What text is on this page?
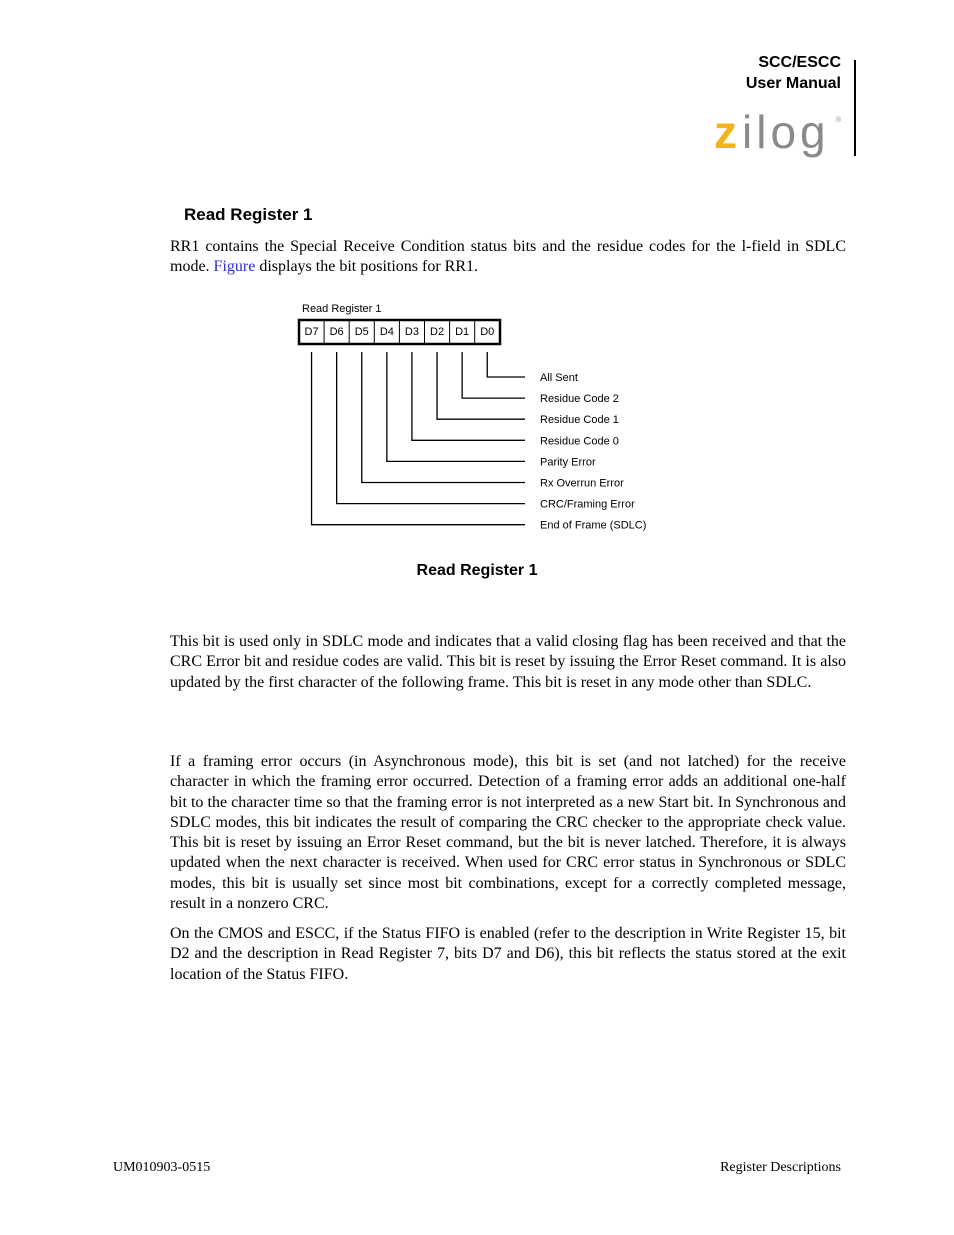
SCC/ESCC
User Manual
z ilog ®
Read Register 1
RR1 contains the Special Receive Condition status bits and the residue codes for the l-field in SDLC mode. Figure displays the bit positions for RR1.
Read Register 1
D7 D6 D5 D4 D3 D2 D1 D0
All Sent
Residue Code 2
Residue Code 1
Residue Code 0
Parity Error
Rx Overrun Error
CRC/Framing Error
End of Frame (SDLC)
Read Register 1
This bit is used only in SDLC mode and indicates that a valid closing flag has been received and that the CRC Error bit and residue codes are valid. This bit is reset by issuing the Error Reset command. It is also updated by the first character of the following frame. This bit is reset in any mode other than SDLC.
If a framing error occurs (in Asynchronous mode), this bit is set (and not latched) for the receive character in which the framing error occurred. Detection of a framing error adds an additional one-half bit to the character time so that the framing error is not interpreted as a new Start bit. In Synchronous and SDLC modes, this bit indicates the result of comparing the CRC checker to the appropriate check value. This bit is reset by issuing an Error Reset command, but the bit is never latched. Therefore, it is always updated when the next character is received. When used for CRC error status in Synchronous or SDLC modes, this bit is usually set since most bit combinations, except for a correctly completed message, result in a nonzero CRC.
On the CMOS and ESCC, if the Status FIFO is enabled (refer to the description in Write Register 15, bit D2 and the description in Read Register 7, bits D7 and D6), this bit reflects the status stored at the exit location of the Status FIFO.
UM010903-0515	Register Descriptions
